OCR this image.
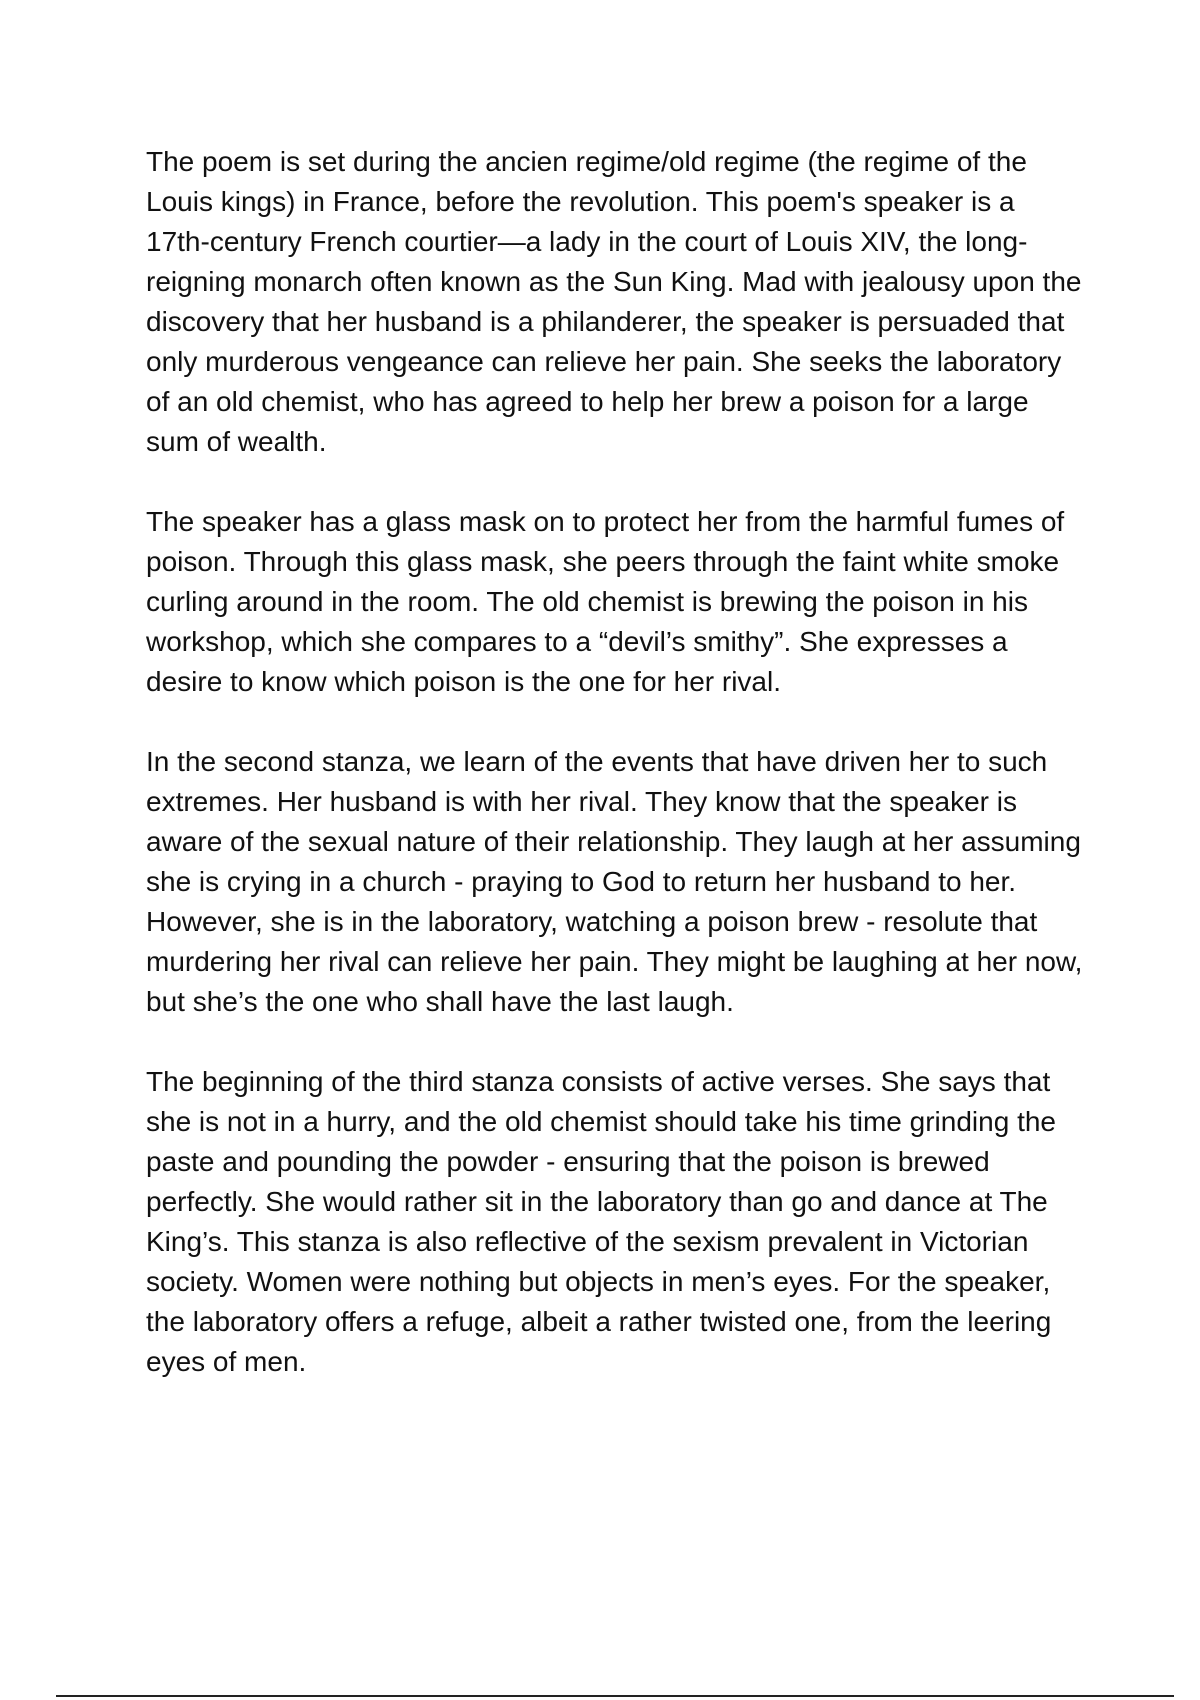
The poem is set during the ancien regime/old regime (the regime of the Louis kings) in France, before the revolution. This poem's speaker is a 17th-century French courtier—a lady in the court of Louis XIV, the long-reigning monarch often known as the Sun King. Mad with jealousy upon the discovery that her husband is a philanderer, the speaker is persuaded that only murderous vengeance can relieve her pain. She seeks the laboratory of an old chemist, who has agreed to help her brew a poison for a large sum of wealth.

The speaker has a glass mask on to protect her from the harmful fumes of poison. Through this glass mask, she peers through the faint white smoke curling around in the room. The old chemist is brewing the poison in his workshop, which she compares to a “devil’s smithy”. She expresses a desire to know which poison is the one for her rival.

In the second stanza, we learn of the events that have driven her to such extremes. Her husband is with her rival. They know that the speaker is aware of the sexual nature of their relationship. They laugh at her assuming she is crying in a church - praying to God to return her husband to her. However, she is in the laboratory, watching a poison brew - resolute that murdering her rival can relieve her pain. They might be laughing at her now, but she’s the one who shall have the last laugh.

The beginning of the third stanza consists of active verses. She says that she is not in a hurry, and the old chemist should take his time grinding the paste and pounding the powder - ensuring that the poison is brewed perfectly. She would rather sit in the laboratory than go and dance at The King’s. This stanza is also reflective of the sexism prevalent in Victorian society. Women were nothing but objects in men’s eyes. For the speaker, the laboratory offers a refuge, albeit a rather twisted one, from the leering eyes of men.
